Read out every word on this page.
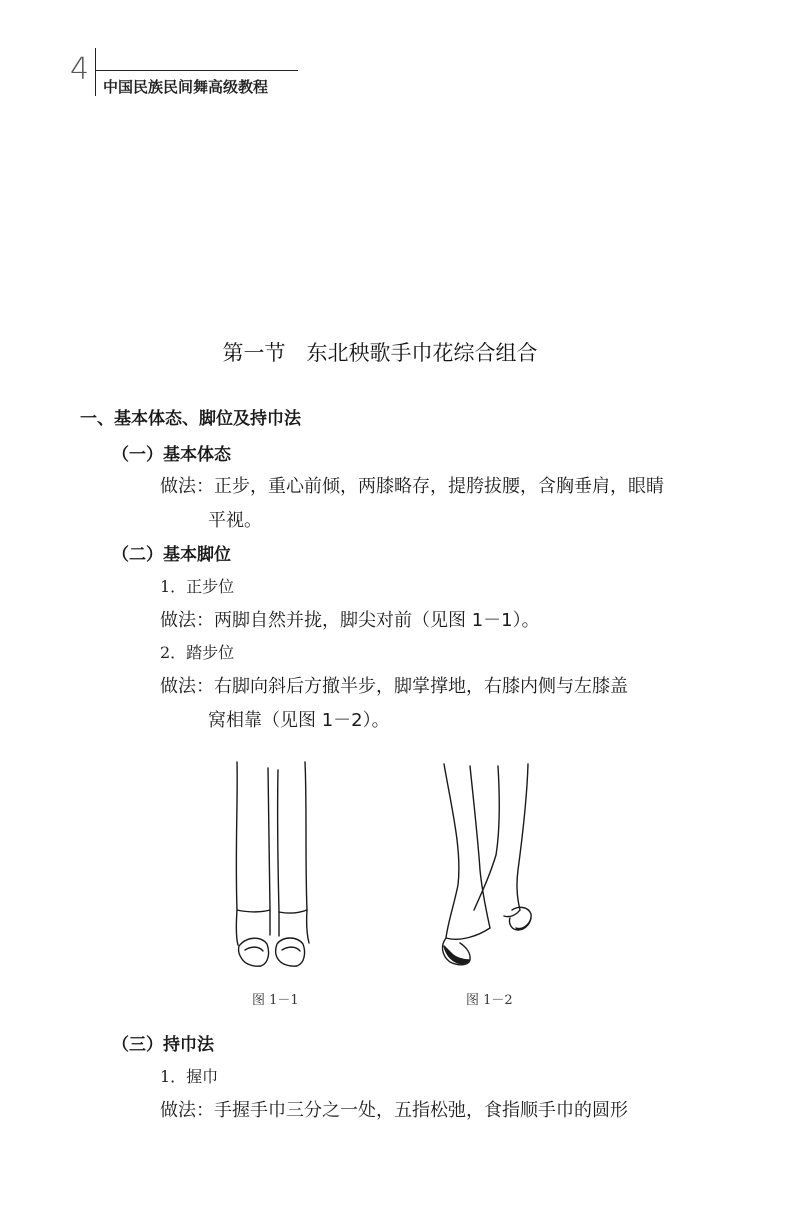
4 中国民族民间舞高级教程
第一节　东北秧歌手巾花综合组合
一、基本体态、脚位及持巾法
（一）基本体态
做法：正步，重心前倾，两膝略存，提胯拔腰，含胸垂肩，眼睛
平视。
（二）基本脚位
1．正步位
做法：两脚自然并拢，脚尖对前（见图 1－1）。
2．踏步位
做法：右脚向斜后方撤半步，脚掌撑地，右膝内侧与左膝盖
窝相靠（见图 1－2）。
图 1－1	图 1－2
（三）持巾法
1．握巾
做法：手握手巾三分之一处，五指松弛，食指顺手巾的圆形
